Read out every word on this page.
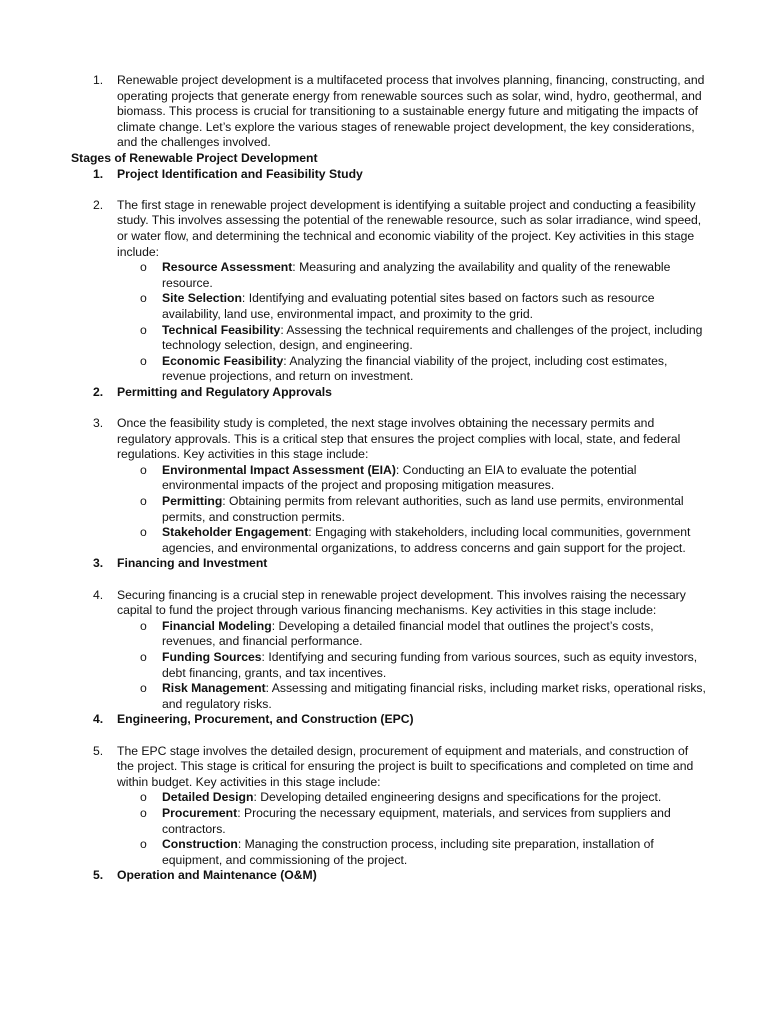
1. Renewable project development is a multifaceted process that involves planning, financing, constructing, and operating projects that generate energy from renewable sources such as solar, wind, hydro, geothermal, and biomass. This process is crucial for transitioning to a sustainable energy future and mitigating the impacts of climate change. Let’s explore the various stages of renewable project development, the key considerations, and the challenges involved.
Stages of Renewable Project Development
1. Project Identification and Feasibility Study
2. The first stage in renewable project development is identifying a suitable project and conducting a feasibility study. This involves assessing the potential of the renewable resource, such as solar irradiance, wind speed, or water flow, and determining the technical and economic viability of the project. Key activities in this stage include:
o Resource Assessment: Measuring and analyzing the availability and quality of the renewable resource.
o Site Selection: Identifying and evaluating potential sites based on factors such as resource availability, land use, environmental impact, and proximity to the grid.
o Technical Feasibility: Assessing the technical requirements and challenges of the project, including technology selection, design, and engineering.
o Economic Feasibility: Analyzing the financial viability of the project, including cost estimates, revenue projections, and return on investment.
2. Permitting and Regulatory Approvals
3. Once the feasibility study is completed, the next stage involves obtaining the necessary permits and regulatory approvals. This is a critical step that ensures the project complies with local, state, and federal regulations. Key activities in this stage include:
o Environmental Impact Assessment (EIA): Conducting an EIA to evaluate the potential environmental impacts of the project and proposing mitigation measures.
o Permitting: Obtaining permits from relevant authorities, such as land use permits, environmental permits, and construction permits.
o Stakeholder Engagement: Engaging with stakeholders, including local communities, government agencies, and environmental organizations, to address concerns and gain support for the project.
3. Financing and Investment
4. Securing financing is a crucial step in renewable project development. This involves raising the necessary capital to fund the project through various financing mechanisms. Key activities in this stage include:
o Financial Modeling: Developing a detailed financial model that outlines the project’s costs, revenues, and financial performance.
o Funding Sources: Identifying and securing funding from various sources, such as equity investors, debt financing, grants, and tax incentives.
o Risk Management: Assessing and mitigating financial risks, including market risks, operational risks, and regulatory risks.
4. Engineering, Procurement, and Construction (EPC)
5. The EPC stage involves the detailed design, procurement of equipment and materials, and construction of the project. This stage is critical for ensuring the project is built to specifications and completed on time and within budget. Key activities in this stage include:
o Detailed Design: Developing detailed engineering designs and specifications for the project.
o Procurement: Procuring the necessary equipment, materials, and services from suppliers and contractors.
o Construction: Managing the construction process, including site preparation, installation of equipment, and commissioning of the project.
5. Operation and Maintenance (O&M)
